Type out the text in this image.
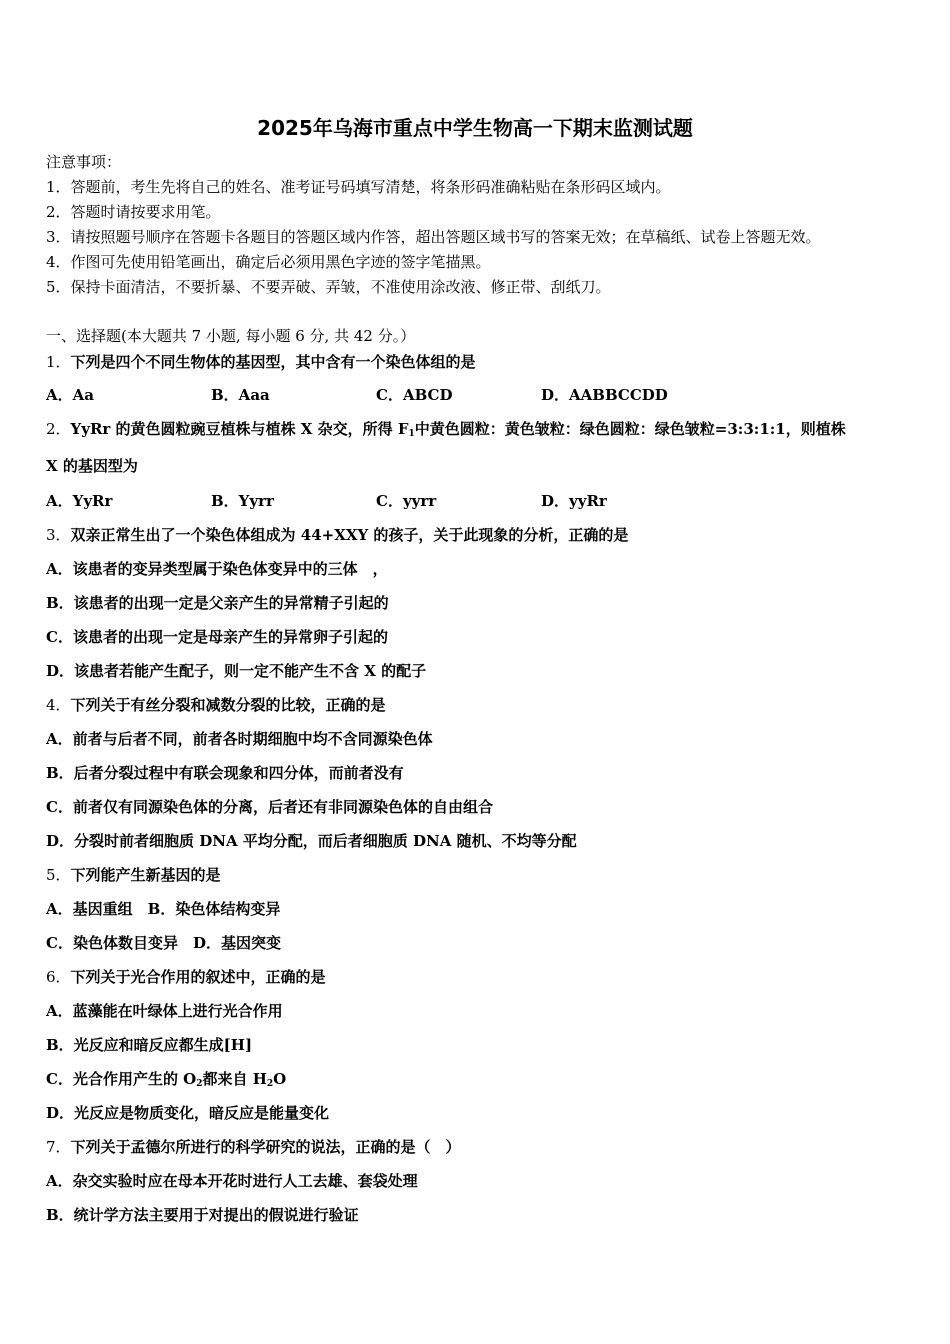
2025年乌海市重点中学生物高一下期末监测试题
注意事项：
1．答题前，考生先将自己的姓名、准考证号码填写清楚，将条形码准确粘贴在条形码区域内。
2．答题时请按要求用笔。
3．请按照题号顺序在答题卡各题目的答题区域内作答，超出答题区域书写的答案无效；在草稿纸、试卷上答题无效。
4．作图可先使用铅笔画出，确定后必须用黑色字迹的签字笔描黑。
5．保持卡面清洁，不要折暴、不要弄破、弄皱，不准使用涂改液、修正带、刮纸刀。
一、选择题(本大题共 7 小题, 每小题 6 分, 共 42 分。）
1．下列是四个不同生物体的基因型，其中含有一个染色体组的是
A．Aa	B．Aaa	C．ABCD	D．AABBCCDD
2．YyRr 的黄色圆粒豌豆植株与植株 X 杂交，所得 $F_1$中黄色圆粒：黄色皱粒：绿色圆粒：绿色皱粒=3:3:1:1，则植株
X 的基因型为
A．YyRr	B．Yyrr	C．yyrr	D．yyRr
3．双亲正常生出了一个染色体组成为 44+XXY 的孩子，关于此现象的分析，正确的是
A．该患者的变异类型属于染色体变异中的三体　，
B．该患者的出现一定是父亲产生的异常精子引起的
C．该患者的出现一定是母亲产生的异常卵子引起的
D．该患者若能产生配子，则一定不能产生不含 X 的配子
4．下列关于有丝分裂和减数分裂的比较，正确的是
A．前者与后者不同，前者各时期细胞中均不含同源染色体
B．后者分裂过程中有联会现象和四分体，而前者没有
C．前者仅有同源染色体的分离，后者还有非同源染色体的自由组合
D．分裂时前者细胞质 DNA 平均分配，而后者细胞质 DNA 随机、不均等分配
5．下列能产生新基因的是
A．基因重组　B．染色体结构变异
C．染色体数目变异　D．基因突变
6．下列关于光合作用的叙述中，正确的是
A．蓝藻能在叶绿体上进行光合作用
B．光反应和暗反应都生成[H]
C．光合作用产生的 $O_2$都来自 $H_2O$
D．光反应是物质变化，暗反应是能量变化
7．下列关于孟德尔所进行的科学研究的说法，正确的是（　）
A．杂交实验时应在母本开花时进行人工去雄、套袋处理
B．统计学方法主要用于对提出的假说进行验证
